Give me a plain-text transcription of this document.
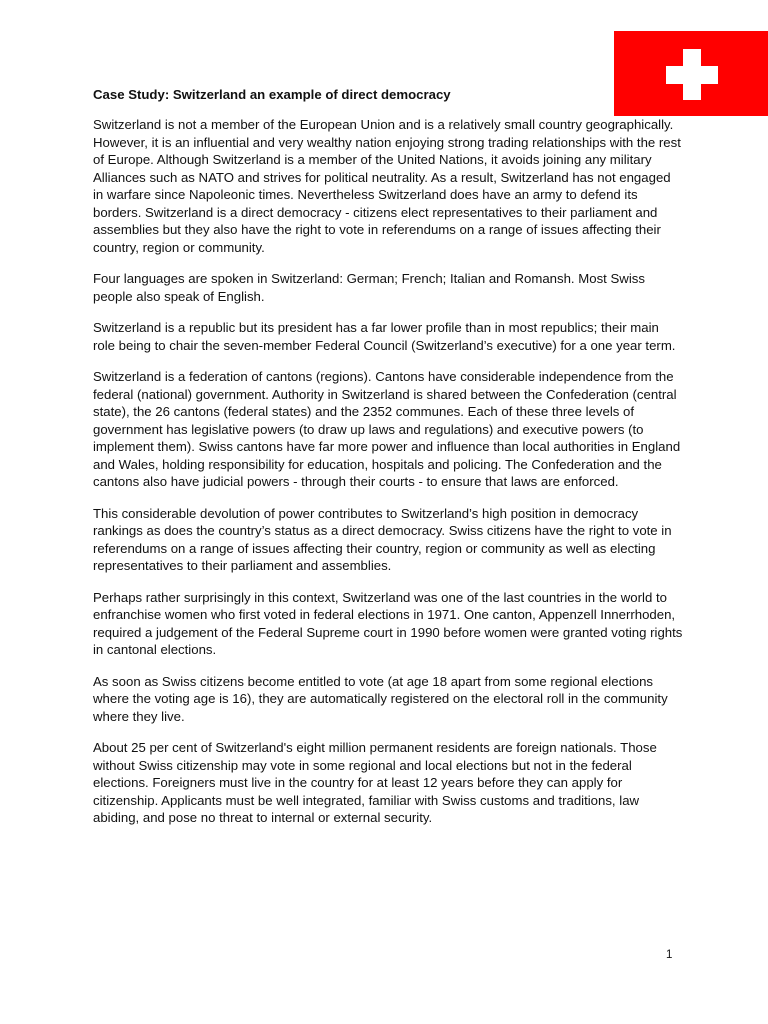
Case Study: Switzerland an example of direct democracy

Switzerland is not a member of the European Union and is a relatively small country geographically. However, it is an influential and very wealthy nation enjoying strong trading relationships with the rest of Europe. Although Switzerland is a member of the United Nations, it avoids joining any military Alliances such as NATO and strives for political neutrality. As a result, Switzerland has not engaged in warfare since Napoleonic times. Nevertheless Switzerland does have an army to defend its borders. Switzerland is a direct democracy - citizens elect representatives to their parliament and assemblies but they also have the right to vote in referendums on a range of issues affecting their country, region or community.

Four languages are spoken in Switzerland: German; French; Italian and Romansh. Most Swiss people also speak of English.

Switzerland is a republic but its president has a far lower profile than in most republics; their main role being to chair the seven-member Federal Council (Switzerland’s executive) for a one year term.

Switzerland is a federation of cantons (regions). Cantons have considerable independence from the federal (national) government. Authority in Switzerland is shared between the Confederation (central state), the 26 cantons (federal states) and the 2352 communes. Each of these three levels of government has legislative powers (to draw up laws and regulations) and executive powers (to implement them). Swiss cantons have far more power and influence than local authorities in England and Wales, holding responsibility for education, hospitals and policing. The Confederation and the cantons also have judicial powers - through their courts - to ensure that laws are enforced.

This considerable devolution of power contributes to Switzerland’s high position in democracy rankings as does the country’s status as a direct democracy. Swiss citizens have the right to vote in referendums on a range of issues affecting their country, region or community as well as electing representatives to their parliament and assemblies.

Perhaps rather surprisingly in this context, Switzerland was one of the last countries in the world to enfranchise women who first voted in federal elections in 1971. One canton, Appenzell Innerrhoden, required a judgement of the Federal Supreme court in 1990 before women were granted voting rights in cantonal elections.

As soon as Swiss citizens become entitled to vote (at age 18 apart from some regional elections where the voting age is 16), they are automatically registered on the electoral roll in the community where they live.

About 25 per cent of Switzerland's eight million permanent residents are foreign nationals. Those without Swiss citizenship may vote in some regional and local elections but not in the federal elections. Foreigners must live in the country for at least 12 years before they can apply for citizenship. Applicants must be well integrated, familiar with Swiss customs and traditions, law abiding, and pose no threat to internal or external security.

1
